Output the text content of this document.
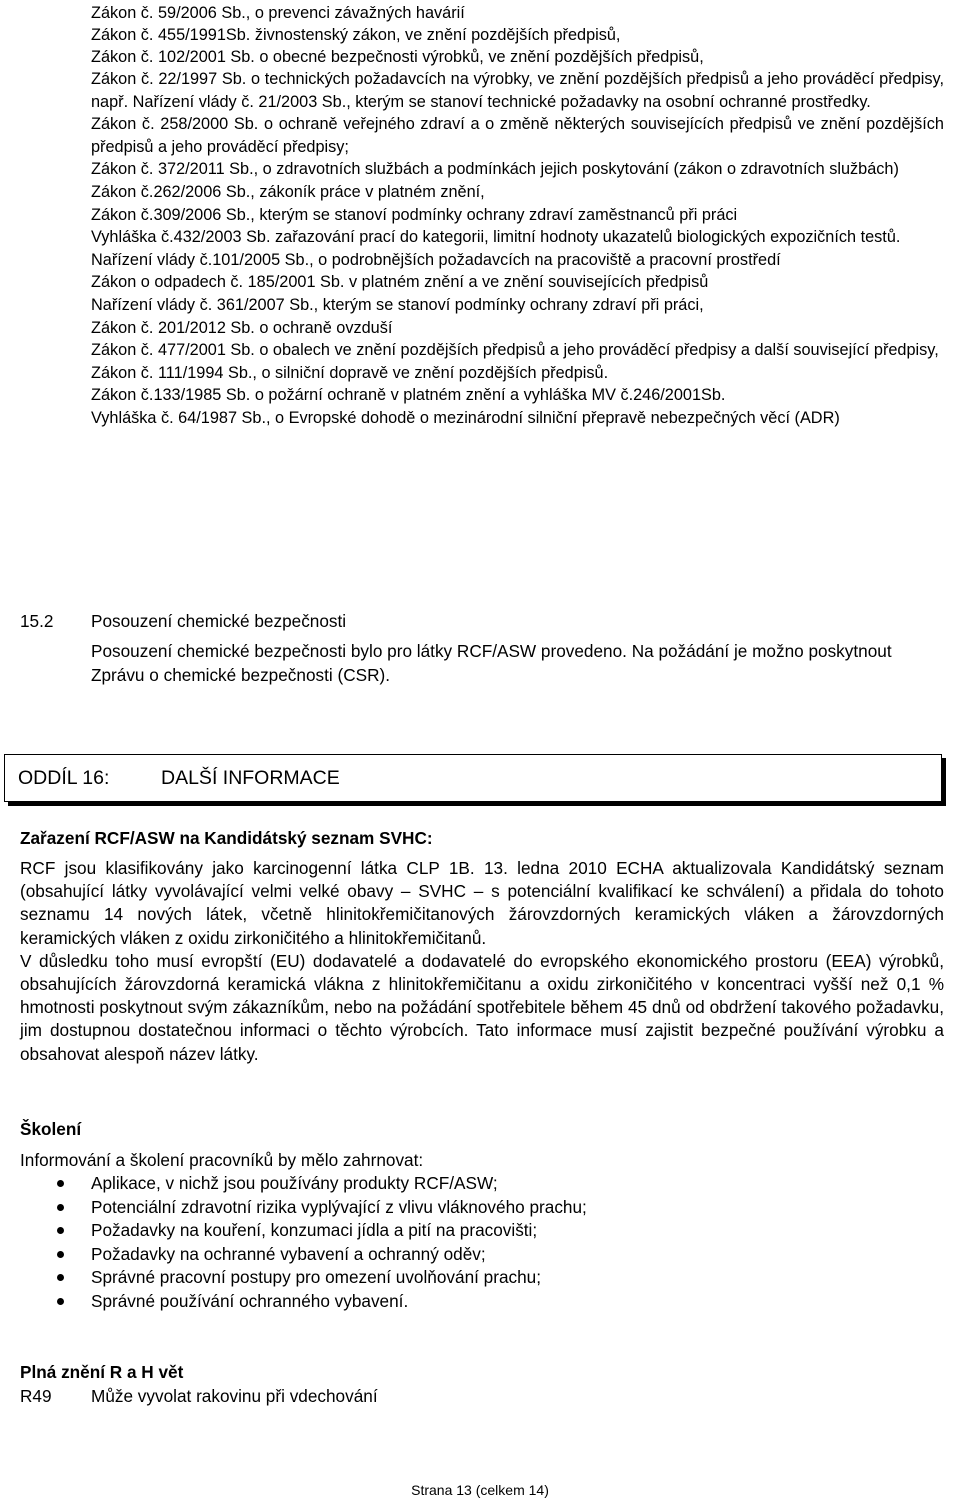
Zákon č. 59/2006 Sb., o prevenci závažných havárií
Zákon č. 455/1991Sb. živnostenský zákon, ve znění pozdějších předpisů,
Zákon č. 102/2001 Sb. o obecné bezpečnosti výrobků, ve znění pozdějších předpisů,
Zákon č. 22/1997 Sb. o technických požadavcích na výrobky, ve znění pozdějších předpisů a jeho prováděcí předpisy, např. Nařízení vlády č. 21/2003 Sb., kterým se stanoví technické požadavky na osobní ochranné prostředky.
Zákon č. 258/2000 Sb. o ochraně veřejného zdraví a o změně některých souvisejících předpisů ve znění pozdějších předpisů a jeho prováděcí předpisy;
Zákon č. 372/2011 Sb., o zdravotních službách a podmínkách jejich poskytování (zákon o zdravotních službách)
Zákon č.262/2006 Sb., zákoník práce v platném znění,
Zákon č.309/2006 Sb., kterým se stanoví podmínky ochrany zdraví zaměstnanců při práci
Vyhláška č.432/2003 Sb. zařazování prací do kategorii, limitní hodnoty ukazatelů biologických expozičních testů.
Nařízení vlády č.101/2005 Sb., o podrobnějších požadavcích na pracoviště a pracovní prostředí
Zákon o odpadech č. 185/2001 Sb. v platném znění a ve znění souvisejících předpisů
Nařízení vlády č. 361/2007 Sb., kterým se stanoví podmínky ochrany zdraví při práci,
Zákon č. 201/2012 Sb. o ochraně ovzduší
Zákon č. 477/2001 Sb. o obalech ve znění pozdějších předpisů a jeho prováděcí předpisy a další související předpisy,
Zákon č. 111/1994 Sb., o silniční dopravě ve znění pozdějších předpisů.
Zákon č.133/1985 Sb. o požární ochraně v platném znění a vyhláška MV č.246/2001Sb.
Vyhláška č. 64/1987 Sb., o Evropské dohodě o mezinárodní silniční přepravě nebezpečných věcí (ADR)
15.2	Posouzení chemické bezpečnosti
Posouzení chemické bezpečnosti bylo pro látky RCF/ASW provedeno. Na požádání je možno poskytnout Zprávu o chemické bezpečnosti (CSR).
ODDÍL 16:	DALŠÍ INFORMACE
Zařazení RCF/ASW na Kandidátský seznam SVHC:
RCF jsou klasifikovány jako karcinogenní látka CLP 1B. 13. ledna 2010 ECHA aktualizovala Kandidátský seznam (obsahující látky vyvolávající velmi velké obavy – SVHC – s potenciální kvalifikací ke schválení) a přidala do tohoto seznamu 14 nových látek, včetně hlinitokřemičitanových žárovzdorných keramických vláken a žárovzdorných keramických vláken z oxidu zirkoničitého a hlinitokřemičitanů.
V důsledku toho musí evropští (EU) dodavatelé a dodavatelé do evropského ekonomického prostoru (EEA) výrobků, obsahujících žárovzdorná keramická vlákna z hlinitokřemičitanu a oxidu zirkoničitého v koncentraci vyšší než 0,1 % hmotnosti poskytnout svým zákazníkům, nebo na požádání spotřebitele během 45 dnů od obdržení takového požadavku, jim dostupnou dostatečnou informaci o těchto výrobcích. Tato informace musí zajistit bezpečné používání výrobku a obsahovat alespoň název látky.
Školení
Informování a školení pracovníků by mělo zahrnovat:
Aplikace, v nichž jsou používány produkty RCF/ASW;
Potenciální zdravotní rizika vyplývající z vlivu vláknového prachu;
Požadavky na kouření, konzumaci jídla a pití na pracovišti;
Požadavky na ochranné vybavení a ochranný oděv;
Správné pracovní postupy pro omezení uvolňování prachu;
Správné používání ochranného vybavení.
Plná znění R a H vět
R49	Může vyvolat rakovinu při vdechování
Strana 13 (celkem 14)
